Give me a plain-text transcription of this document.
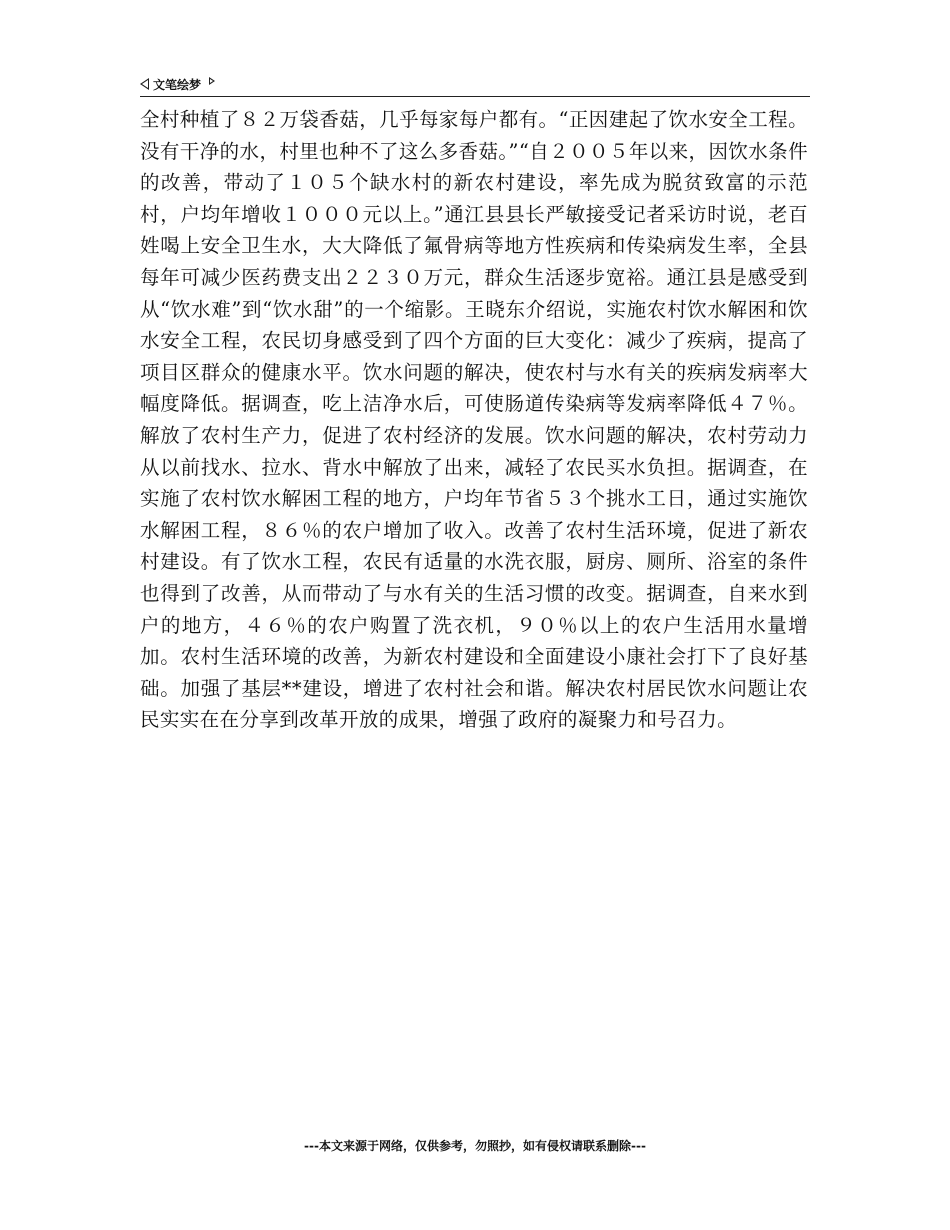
文笔绘梦

全村种植了８２万袋香菇，几乎每家每户都有。“正因建起了饮水安全工程。没有干净的水，村里也种不了这么多香菇。”“自２００５年以来，因饮水条件的改善，带动了１０５个缺水村的新农村建设，率先成为脱贫致富的示范村，户均年增收１０００元以上。”通江县县长严敏接受记者采访时说，老百姓喝上安全卫生水，大大降低了氟骨病等地方性疾病和传染病发生率，全县每年可减少医药费支出２２３０万元，群众生活逐步宽裕。通江县是感受到从“饮水难”到“饮水甜”的一个缩影。王晓东介绍说，实施农村饮水解困和饮水安全工程，农民切身感受到了四个方面的巨大变化：减少了疾病，提高了项目区群众的健康水平。饮水问题的解决，使农村与水有关的疾病发病率大幅度降低。据调查，吃上洁净水后，可使肠道传染病等发病率降低４７％。解放了农村生产力，促进了农村经济的发展。饮水问题的解决，农村劳动力从以前找水、拉水、背水中解放了出来，减轻了农民买水负担。据调查，在实施了农村饮水解困工程的地方，户均年节省５３个挑水工日，通过实施饮水解困工程，８６％的农户增加了收入。改善了农村生活环境，促进了新农村建设。有了饮水工程，农民有适量的水洗衣服，厨房、厕所、浴室的条件也得到了改善，从而带动了与水有关的生活习惯的改变。据调查，自来水到户的地方，４６％的农户购置了洗衣机，９０％以上的农户生活用水量增加。农村生活环境的改善，为新农村建设和全面建设小康社会打下了良好基础。加强了基层**建设，增进了农村社会和谐。解决农村居民饮水问题让农民实实在在分享到改革开放的成果，增强了政府的凝聚力和号召力。

---本文来源于网络，仅供参考，勿照抄，如有侵权请联系删除---
